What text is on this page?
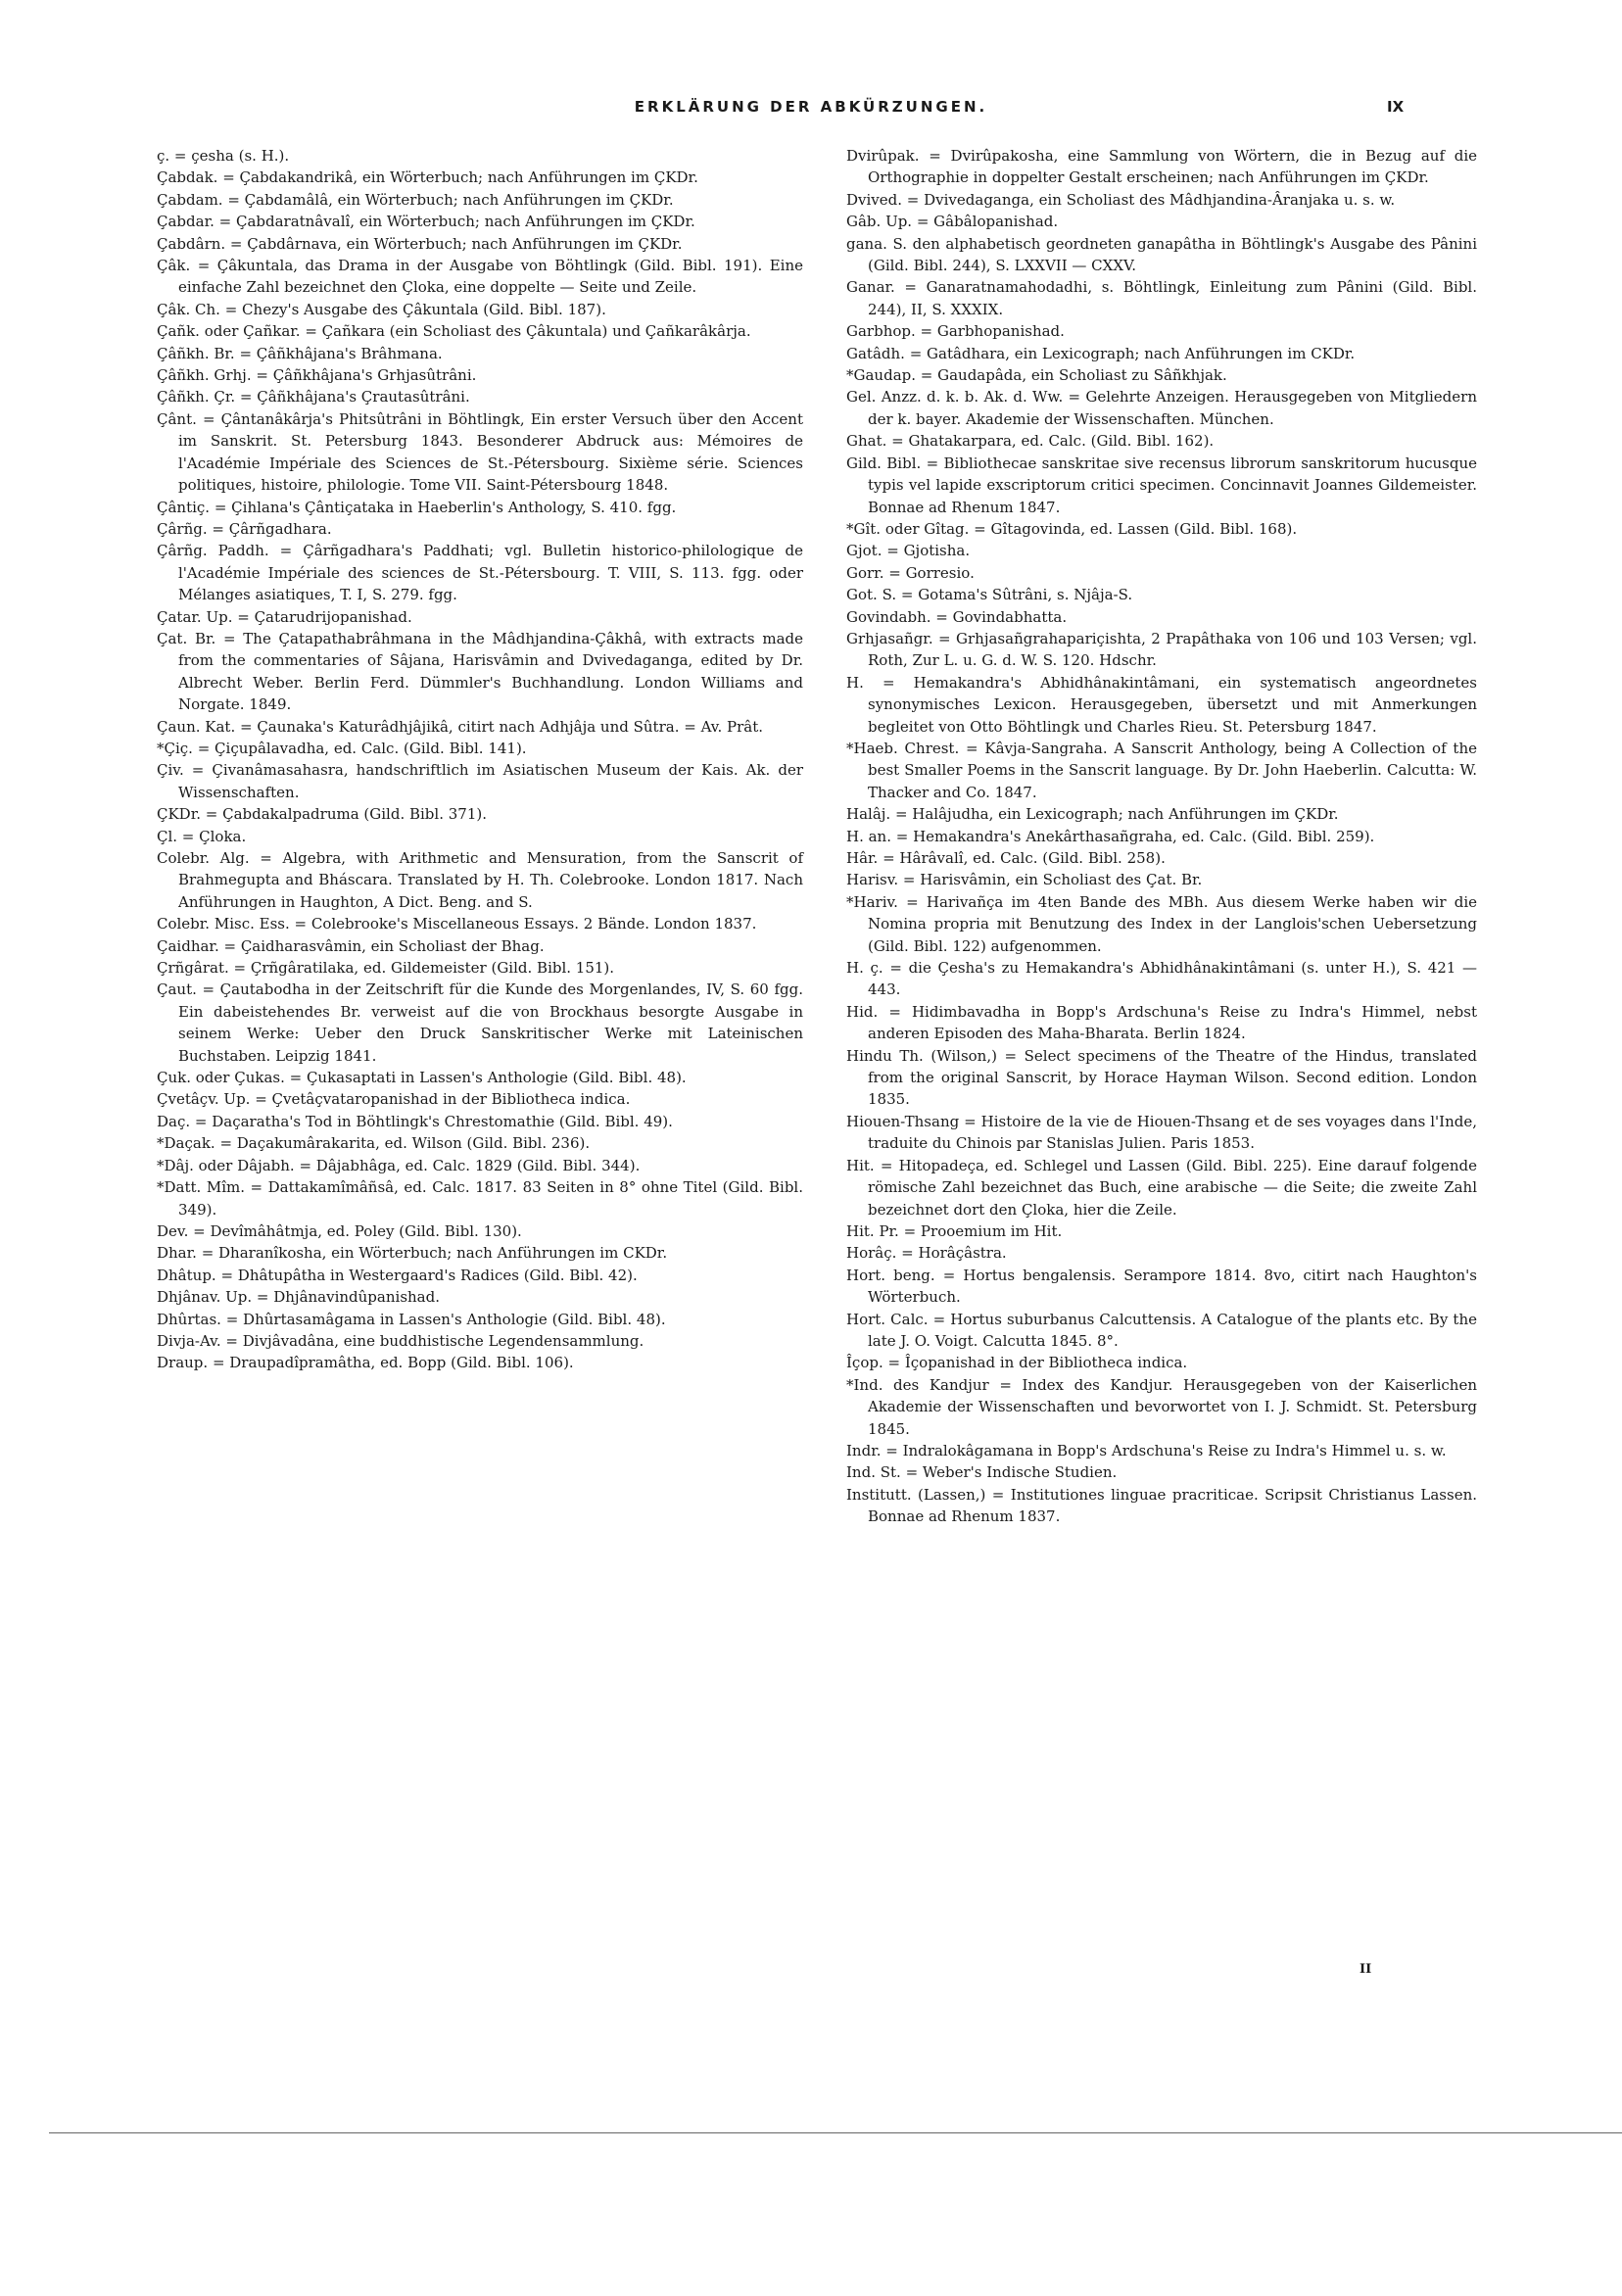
ERKLÄRUNG DER ABKÜRZUNGEN.	IX

ç. = çesha (s. H.).

Çabdak. = Çabdakandrikâ, ein Wörterbuch; nach Anführungen im ÇKDr.

Çabdam. = Çabdamâlâ, ein Wörterbuch; nach Anführungen im ÇKDr.

Çabdar. = Çabdaratnâvalî, ein Wörterbuch; nach Anführungen im ÇKDr.

Çabdârn. = Çabdârnava, ein Wörterbuch; nach Anführungen im ÇKDr.

Çâk. = Çâkuntala, das Drama in der Ausgabe von Böhtlingk (Gild. Bibl. 191). Eine einfache Zahl bezeichnet den Çloka, eine doppelte — Seite und Zeile.

Çâk. Ch. = Chezy's Ausgabe des Çâkuntala (Gild. Bibl. 187).

Çañk. oder Çañkar. = Çañkara (ein Scholiast des Çâkuntala) und Çañkarâkârja.

Çâñkh. Br. = Çâñkhâjana's Brâhmana.

Çâñkh. Grhj. = Çâñkhâjana's Grhjasûtrâni.

Çâñkh. Çr. = Çâñkhâjana's Çrautasûtrâni.

Çânt. = Çântanâkârja's Phitsûtrâni in Böhtlingk, Ein erster Versuch über den Accent im Sanskrit. St. Petersburg 1843. Besonderer Abdruck aus: Mémoires de l'Académie Impériale des Sciences de St.-Pétersbourg. Sixième série. Sciences politiques, histoire, philologie. Tome VII. Saint-Pétersbourg 1848.

Çântiç. = Çihlana's Çântiçataka in Haeberlin's Anthology, S. 410. fgg.

Çârñg. = Çârñgadhara.

Çârñg. Paddh. = Çârñgadhara's Paddhati; vgl. Bulletin historico-philologique de l'Académie Impériale des sciences de St.-Pétersbourg. T. VIII, S. 113. fgg. oder Mélanges asiatiques, T. I, S. 279. fgg.

Çatar. Up. = Çatarudrijopanishad.

Çat. Br. = The Çatapathabrâhmana in the Mâdhjandina-Çâkhâ, with extracts made from the commentaries of Sâjana, Harisvâmin and Dvivedaganga, edited by Dr. Albrecht Weber. Berlin Ferd. Dümmler's Buchhandlung. London Williams and Norgate. 1849.

Çaun. Kat. = Çaunaka's Katurâdhjâjikâ, citirt nach Adhjâja und Sûtra. = Av. Prât.

*Çiç. = Çiçupâlavadha, ed. Calc. (Gild. Bibl. 141).

Çiv. = Çivanâmasahasra, handschriftlich im Asiatischen Museum der Kais. Ak. der Wissenschaften.

ÇKDr. = Çabdakalpadruma (Gild. Bibl. 371).

Çl. = Çloka.

Colebr. Alg. = Algebra, with Arithmetic and Mensuration, from the Sanscrit of Brahmegupta and Bháscara. Translated by H. Th. Colebrooke. London 1817. Nach Anführungen in Haughton, A Dict. Beng. and S.

Colebr. Misc. Ess. = Colebrooke's Miscellaneous Essays. 2 Bände. London 1837.

Çaidhar. = Çaidharasvâmin, ein Scholiast der Bhag.

Çrñgârat. = Çrñgâratilaka, ed. Gildemeister (Gild. Bibl. 151).

Çaut. = Çautabodha in der Zeitschrift für die Kunde des Morgenlandes, IV, S. 60 fgg. Ein dabeistehendes Br. verweist auf die von Brockhaus besorgte Ausgabe in seinem Werke: Ueber den Druck Sanskritischer Werke mit Lateinischen Buchstaben. Leipzig 1841.

Çuk. oder Çukas. = Çukasaptati in Lassen's Anthologie (Gild. Bibl. 48).

Çvetâçv. Up. = Çvetâçvataropanishad in der Bibliotheca indica.

Daç. = Daçaratha's Tod in Böhtlingk's Chrestomathie (Gild. Bibl. 49).

*Daçak. = Daçakumârakarita, ed. Wilson (Gild. Bibl. 236).

*Dâj. oder Dâjabh. = Dâjabhâga, ed. Calc. 1829 (Gild. Bibl. 344).

*Datt. Mîm. = Dattakamîmâñsâ, ed. Calc. 1817. 83 Seiten in 8° ohne Titel (Gild. Bibl. 349).

Dev. = Devîmâhâtmja, ed. Poley (Gild. Bibl. 130).

Dhar. = Dharanîkosha, ein Wörterbuch; nach Anführungen im CKDr.

Dhâtup. = Dhâtupâtha in Westergaard's Radices (Gild. Bibl. 42).

Dhjânav. Up. = Dhjânavindûpanishad.

Dhûrtas. = Dhûrtasamâgama in Lassen's Anthologie (Gild. Bibl. 48).

Divja-Av. = Divjâvadâna, eine buddhistische Legendensammlung.

Draup. = Draupadîpramâtha, ed. Bopp (Gild. Bibl. 106).

Dvirûpak. = Dvirûpakosha, eine Sammlung von Wörtern, die in Bezug auf die Orthographie in doppelter Gestalt erscheinen; nach Anführungen im ÇKDr.

Dvived. = Dvivedaganga, ein Scholiast des Mâdhjandina-Âranjaka u. s. w.

Gâb. Up. = Gâbâlopanishad.

gana. S. den alphabetisch geordneten ganapâtha in Böhtlingk's Ausgabe des Pânini (Gild. Bibl. 244), S. LXXVII — CXXV.

Ganar. = Ganaratnamahodadhi, s. Böhtlingk, Einleitung zum Pânini (Gild. Bibl. 244), II, S. XXXIX.

Garbhop. = Garbhopanishad.

Gatâdh. = Gatâdhara, ein Lexicograph; nach Anführungen im CKDr.

*Gaudap. = Gaudapâda, ein Scholiast zu Sâñkhjak.

Gel. Anzz. d. k. b. Ak. d. Ww. = Gelehrte Anzeigen. Herausgegeben von Mitgliedern der k. bayer. Akademie der Wissenschaften. München.

Ghat. = Ghatakarpara, ed. Calc. (Gild. Bibl. 162).

Gild. Bibl. = Bibliothecae sanskritae sive recensus librorum sanskritorum hucusque typis vel lapide exscriptorum critici specimen. Concinnavit Joannes Gildemeister. Bonnae ad Rhenum 1847.

*Gît. oder Gîtag. = Gîtagovinda, ed. Lassen (Gild. Bibl. 168).

Gjot. = Gjotisha.

Gorr. = Gorresio.

Got. S. = Gotama's Sûtrâni, s. Njâja-S.

Govindabh. = Govindabhatta.

Grhjasañgr. = Grhjasañgrahapariçishta, 2 Prapâthaka von 106 und 103 Versen; vgl. Roth, Zur L. u. G. d. W. S. 120. Hdschr.

H. = Hemakandra's Abhidhânakintâmani, ein systematisch angeordnetes synonymisches Lexicon. Herausgegeben, übersetzt und mit Anmerkungen begleitet von Otto Böhtlingk und Charles Rieu. St. Petersburg 1847.

*Haeb. Chrest. = Kâvja-Sangraha. A Sanscrit Anthology, being A Collection of the best Smaller Poems in the Sanscrit language. By Dr. John Haeberlin. Calcutta: W. Thacker and Co. 1847.

Halâj. = Halâjudha, ein Lexicograph; nach Anführungen im ÇKDr.

H. an. = Hemakandra's Anekârthasañgraha, ed. Calc. (Gild. Bibl. 259).

Hâr. = Hârâvalî, ed. Calc. (Gild. Bibl. 258).

Harisv. = Harisvâmin, ein Scholiast des Çat. Br.

*Hariv. = Harivañça im 4ten Bande des MBh. Aus diesem Werke haben wir die Nomina propria mit Benutzung des Index in der Langlois'schen Uebersetzung (Gild. Bibl. 122) aufgenommen.

H. ç. = die Çesha's zu Hemakandra's Abhidhânakintâmani (s. unter H.), S. 421 — 443.

Hid. = Hidimbavadha in Bopp's Ardschuna's Reise zu Indra's Himmel, nebst anderen Episoden des Maha-Bharata. Berlin 1824.

Hindu Th. (Wilson,) = Select specimens of the Theatre of the Hindus, translated from the original Sanscrit, by Horace Hayman Wilson. Second edition. London 1835.

Hiouen-Thsang = Histoire de la vie de Hiouen-Thsang et de ses voyages dans l'Inde, traduite du Chinois par Stanislas Julien. Paris 1853.

Hit. = Hitopadeça, ed. Schlegel und Lassen (Gild. Bibl. 225). Eine darauf folgende römische Zahl bezeichnet das Buch, eine arabische — die Seite; die zweite Zahl bezeichnet dort den Çloka, hier die Zeile.

Hit. Pr. = Prooemium im Hit.

Horâç. = Horâçâstra.

Hort. beng. = Hortus bengalensis. Serampore 1814. 8vo, citirt nach Haughton's Wörterbuch.

Hort. Calc. = Hortus suburbanus Calcuttensis. A Catalogue of the plants etc. By the late J. O. Voigt. Calcutta 1845. 8°.

Îçop. = Îçopanishad in der Bibliotheca indica.

*Ind. des Kandjur = Index des Kandjur. Herausgegeben von der Kaiserlichen Akademie der Wissenschaften und bevorwortet von I. J. Schmidt. St. Petersburg 1845.

Indr. = Indralokâgamana in Bopp's Ardschuna's Reise zu Indra's Himmel u. s. w.

Ind. St. = Weber's Indische Studien.

Institutt. (Lassen,) = Institutiones linguae pracriticae. Scripsit Christianus Lassen. Bonnae ad Rhenum 1837.

II
